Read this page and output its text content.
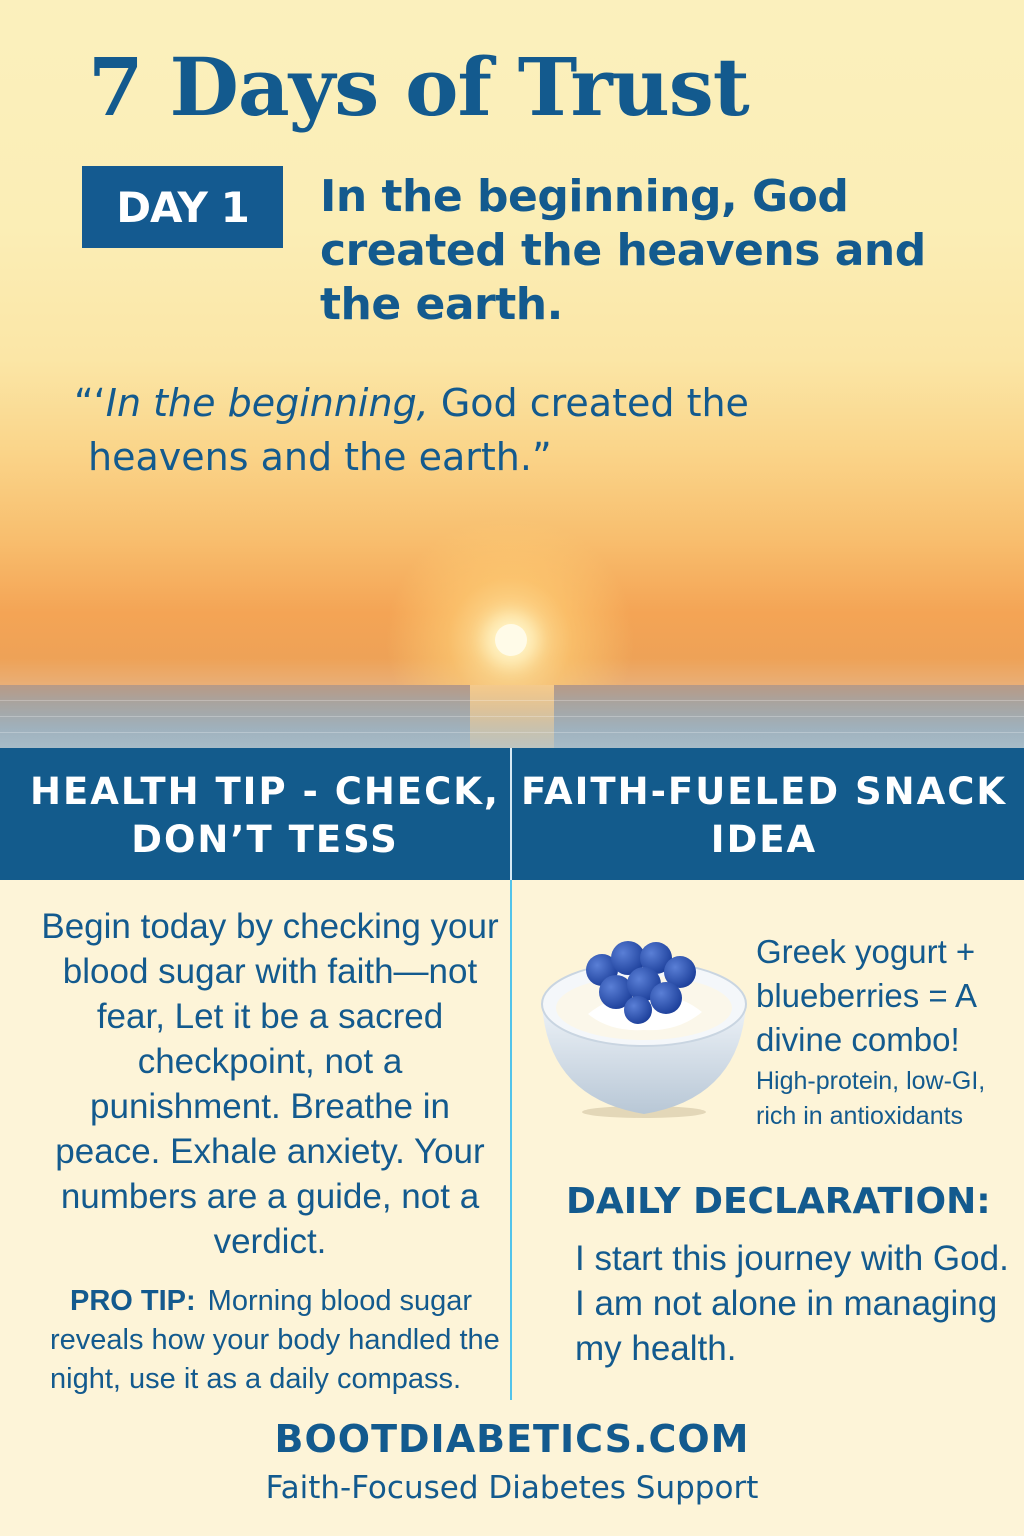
7 Days of Trust
DAY 1	In the beginning, God created the heavens and the earth.
“‘In the beginning, God created the
heavens and the earth.”
HEALTH TIP - CHECK, DON’T TESS
FAITH-FUELED SNACK IDEA
Begin today by checking your blood sugar with faith—not fear, Let it be a sacred checkpoint, not a punishment. Breathe in peace. Exhale anxiety. Your numbers are a guide, not a verdict.
PRO TIP: Morning blood sugar reveals how your body handled the night, use it as a daily compass.
Greek yogurt + blueberries = A divine combo!
High-protein, low-GI, rich in antioxidants
DAILY DECLARATION:
I start this journey with God. I am not alone in managing my health.
BOOTDIABETICS.COM
Faith-Focused Diabetes Support
